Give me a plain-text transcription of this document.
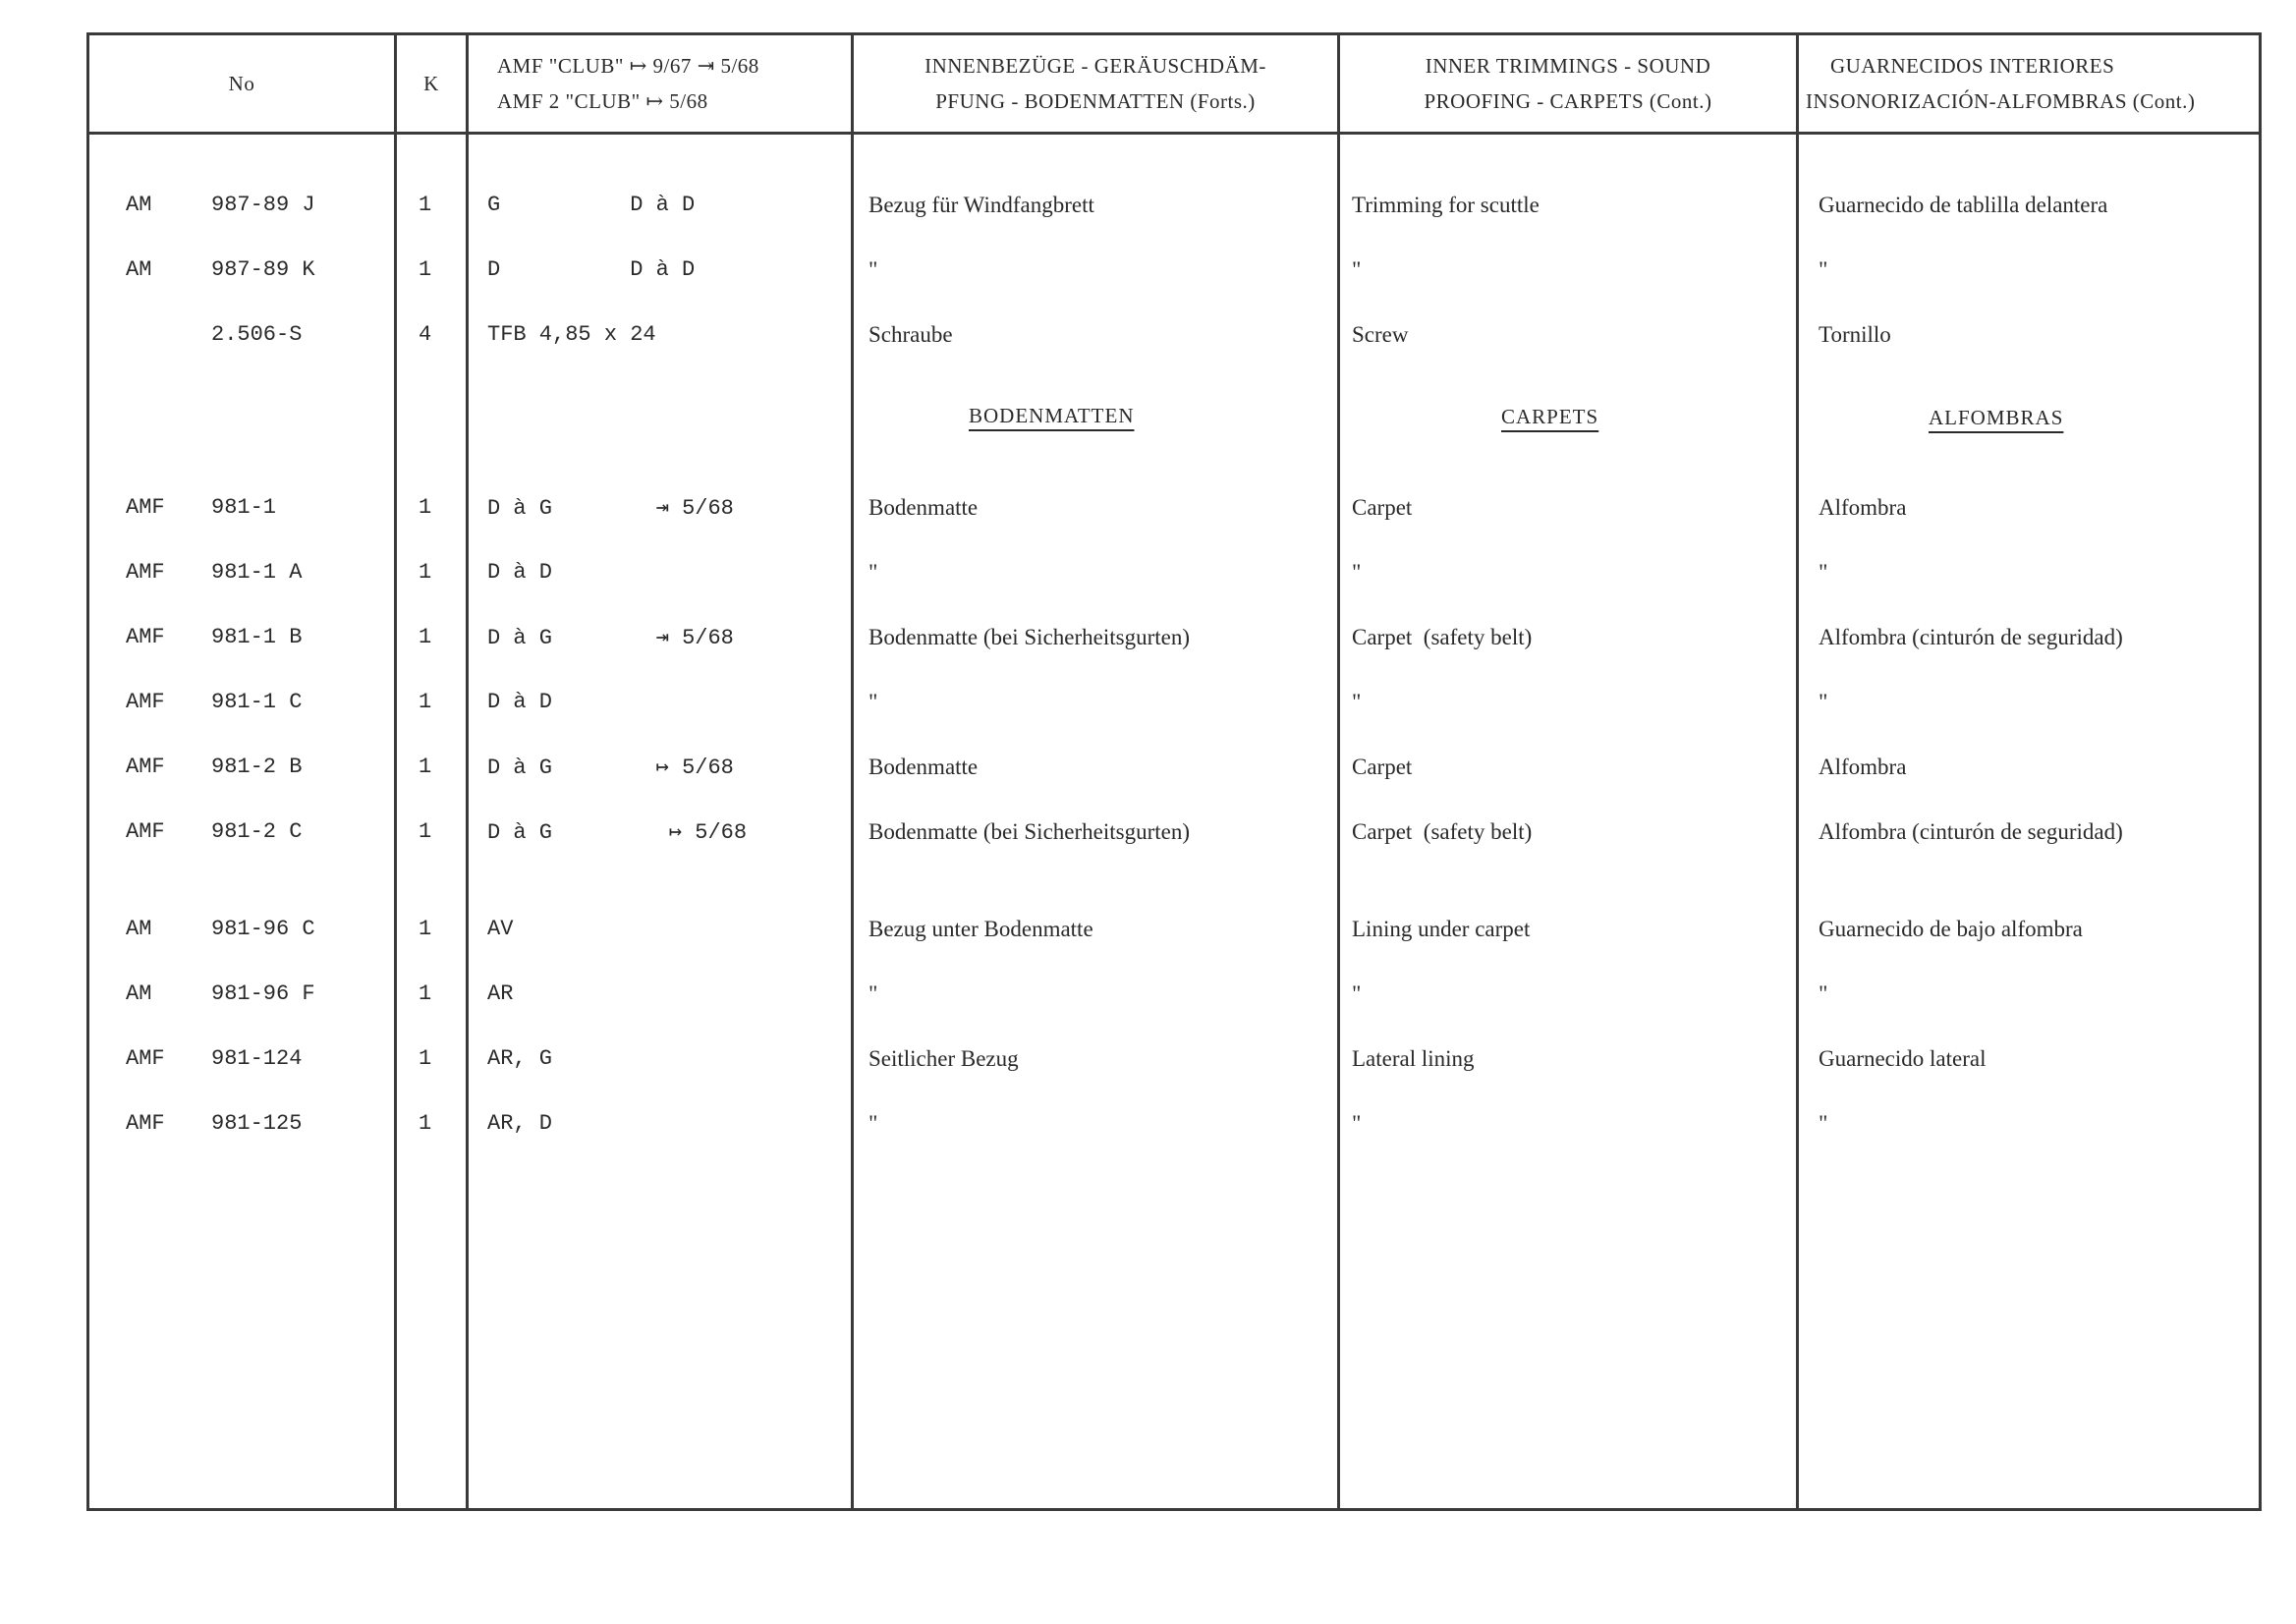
No	K
AMF "CLUB" ↦ 9/67 ⇥ 5/68
AMF 2 "CLUB" ↦ 5/68
INNENBEZÜGE - GERÄUSCHDÄM-
PFUNG - BODENMATTEN (Forts.)
INNER TRIMMINGS - SOUND
PROOFING - CARPETS (Cont.)
GUARNECIDOS INTERIORES
INSONORIZACIÓN-ALFOMBRAS (Cont.)
BODENMATTEN	CARPETS	ALFOMBRAS
AM	987-89 J	1	G          D à D	Bezug für Windfangbrett	Trimming for scuttle	Guarnecido de tablilla delantera
AM	987-89 K	1	D          D à D	"	"	"
2.506-S	4	TFB 4,85 x 24	Schraube	Screw	Tornillo
AMF 981-1	1	D à G        ⇥ 5/68	Bodenmatte	Carpet	Alfombra
AMF 981-1 A	1	D à D	"	"	"
AMF 981-1 B	1	D à G        ⇥ 5/68	Bodenmatte (bei Sicherheitsgurten)	Carpet  (safety belt)	Alfombra (cinturón de seguridad)
AMF 981-1 C	1	D à D	"	"	"
AMF 981-2 B	1	D à G        ↦ 5/68	Bodenmatte	Carpet	Alfombra
AMF 981-2 C	1	D à G         ↦ 5/68	Bodenmatte (bei Sicherheitsgurten)	Carpet  (safety belt)	Alfombra (cinturón de seguridad)
AM	981-96 C	1	AV	Bezug unter Bodenmatte	Lining under carpet	Guarnecido de bajo alfombra
AM	981-96 F	1	AR	"	"	"
AMF 981-124	1	AR, G	Seitlicher Bezug	Lateral lining	Guarnecido lateral
AMF 981-125	1	AR, D	"	"	"
